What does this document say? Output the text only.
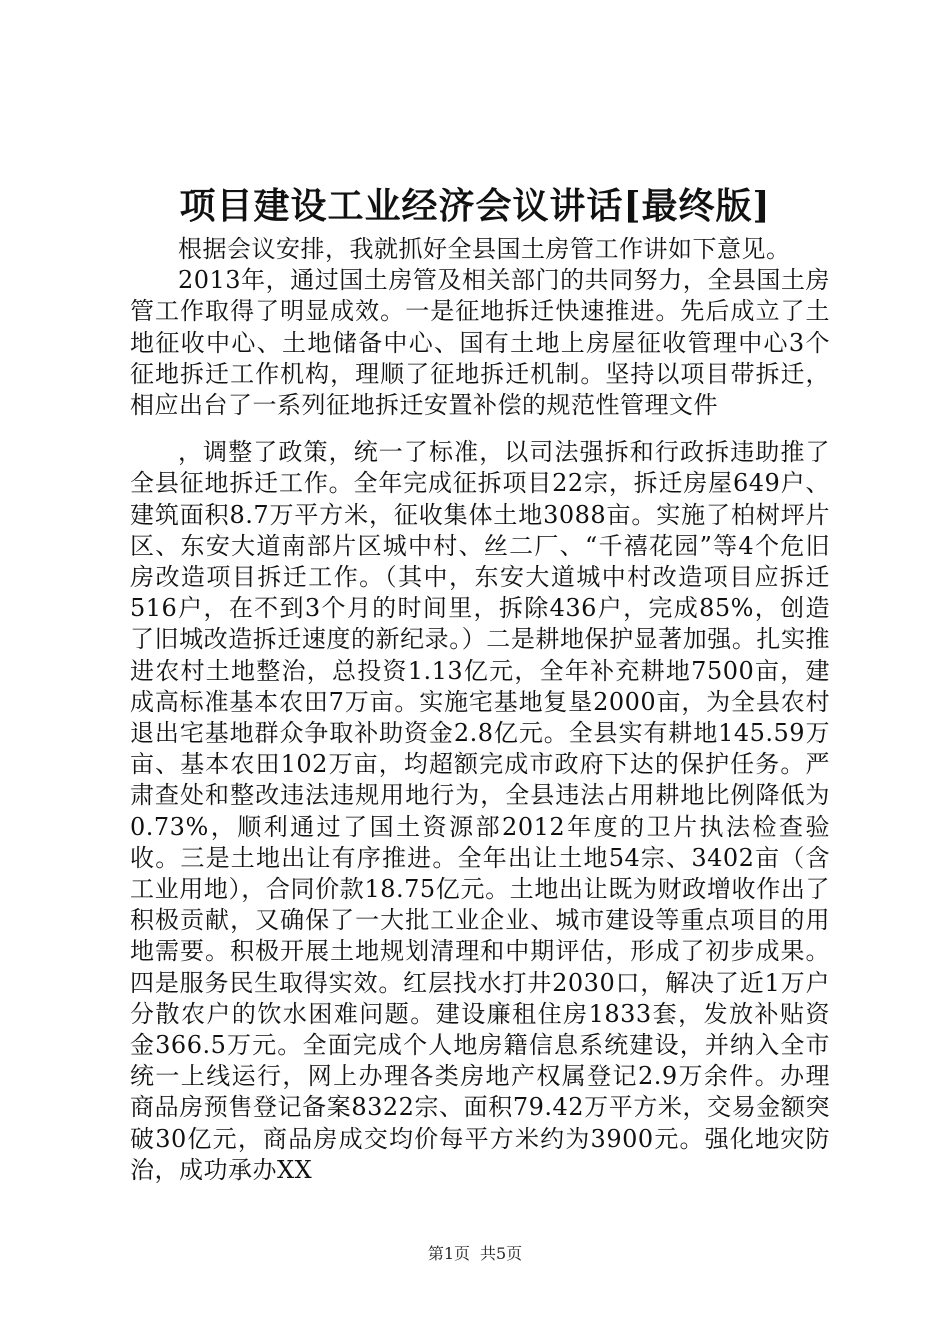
项目建设工业经济会议讲话[最终版]

根据会议安排，我就抓好全县国土房管工作讲如下意见。

2013年，通过国土房管及相关部门的共同努力，全县国土房管工作取得了明显成效。一是征地拆迁快速推进。先后成立了土地征收中心、土地储备中心、国有土地上房屋征收管理中心3个征地拆迁工作机构，理顺了征地拆迁机制。坚持以项目带拆迁，相应出台了一系列征地拆迁安置补偿的规范性管理文件

，调整了政策，统一了标准，以司法强拆和行政拆违助推了全县征地拆迁工作。全年完成征拆项目22宗，拆迁房屋649户、建筑面积8.7万平方米，征收集体土地3088亩。实施了柏树坪片区、东安大道南部片区城中村、丝二厂、“千禧花园”等4个危旧房改造项目拆迁工作。（其中，东安大道城中村改造项目应拆迁516户，在不到3个月的时间里，拆除436户，完成85%，创造了旧城改造拆迁速度的新纪录。）二是耕地保护显著加强。扎实推进农村土地整治，总投资1.13亿元，全年补充耕地7500亩，建成高标准基本农田7万亩。实施宅基地复垦2000亩，为全县农村退出宅基地群众争取补助资金2.8亿元。全县实有耕地145.59万亩、基本农田102万亩，均超额完成市政府下达的保护任务。严肃查处和整改违法违规用地行为，全县违法占用耕地比例降低为0.73%，顺利通过了国土资源部2012年度的卫片执法检查验收。三是土地出让有序推进。全年出让土地54宗、3402亩（含工业用地），合同价款18.75亿元。土地出让既为财政增收作出了积极贡献，又确保了一大批工业企业、城市建设等重点项目的用地需要。积极开展土地规划清理和中期评估，形成了初步成果。四是服务民生取得实效。红层找水打井2030口，解决了近1万户分散农户的饮水困难问题。建设廉租住房1833套，发放补贴资金366.5万元。全面完成个人地房籍信息系统建设，并纳入全市统一上线运行，网上办理各类房地产权属登记2.9万余件。办理商品房预售登记备案8322宗、面积79.42万平方米，交易金额突破30亿元，商品房成交均价每平方米约为3900元。强化地灾防治，成功承办XX

第1页 共5页
